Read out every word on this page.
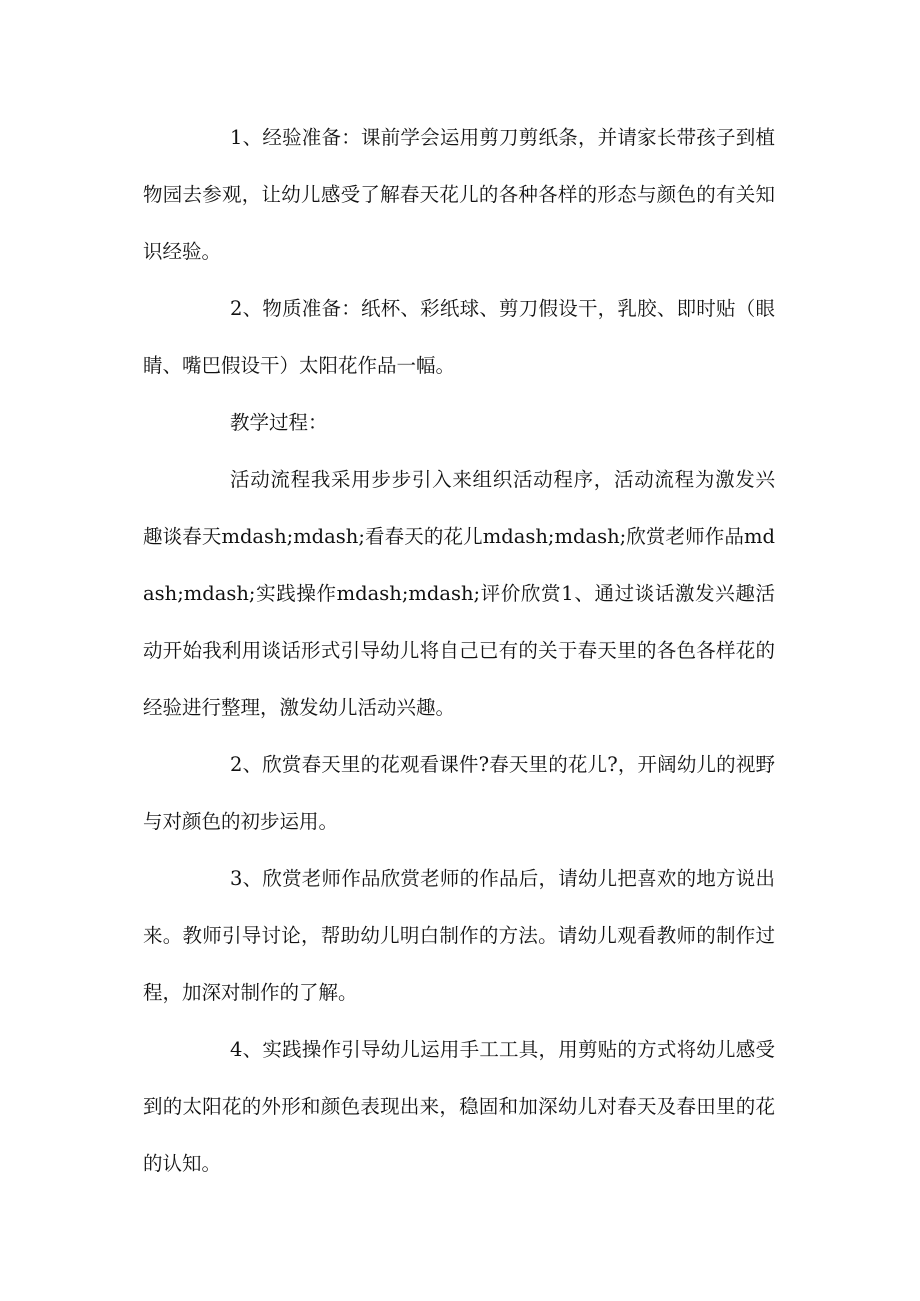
1、经验准备：课前学会运用剪刀剪纸条，并请家长带孩子到植物园去参观，让幼儿感受了解春天花儿的各种各样的形态与颜色的有关知识经验。

2、物质准备：纸杯、彩纸球、剪刀假设干，乳胶、即时贴（眼睛、嘴巴假设干）太阳花作品一幅。

教学过程：

活动流程我采用步步引入来组织活动程序，活动流程为激发兴趣谈春天mdash;mdash;看春天的花儿mdash;mdash;欣赏老师作品mdash;mdash;实践操作mdash;mdash;评价欣赏1、通过谈话激发兴趣活动开始我利用谈话形式引导幼儿将自己已有的关于春天里的各色各样花的经验进行整理，激发幼儿活动兴趣。

2、欣赏春天里的花观看课件?春天里的花儿?，开阔幼儿的视野与对颜色的初步运用。

3、欣赏老师作品欣赏老师的作品后，请幼儿把喜欢的地方说出来。教师引导讨论，帮助幼儿明白制作的方法。请幼儿观看教师的制作过程，加深对制作的了解。

4、实践操作引导幼儿运用手工工具，用剪贴的方式将幼儿感受到的太阳花的外形和颜色表现出来，稳固和加深幼儿对春天及春田里的花的认知。
